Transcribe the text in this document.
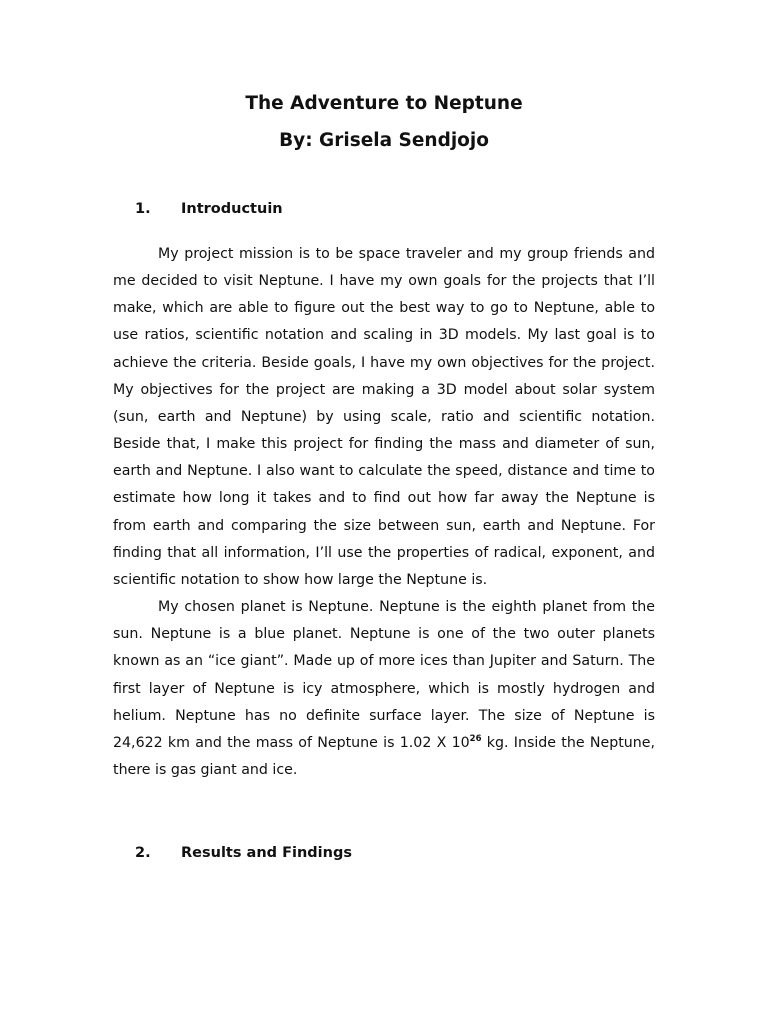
The Adventure to Neptune
By: Grisela Sendjojo
1. Introductuin

My project mission is to be space traveler and my group friends and me decided to visit Neptune. I have my own goals for the projects that I’ll make, which are able to figure out the best way to go to Neptune, able to use ratios, scientific notation and scaling in 3D models. My last goal is to achieve the criteria. Beside goals, I have my own objectives for the project. My objectives for the project are making a 3D model about solar system (sun, earth and Neptune) by using scale, ratio and scientific notation. Beside that, I make this project for finding the mass and diameter of sun, earth and Neptune. I also want to calculate the speed, distance and time to estimate how long it takes and to find out how far away the Neptune is from earth and comparing the size between sun, earth and Neptune. For finding that all information, I’ll use the properties of radical, exponent, and scientific notation to show how large the Neptune is.

My chosen planet is Neptune. Neptune is the eighth planet from the sun. Neptune is a blue planet. Neptune is one of the two outer planets known as an “ice giant”. Made up of more ices than Jupiter and Saturn. The first layer of Neptune is icy atmosphere, which is mostly hydrogen and helium. Neptune has no definite surface layer. The size of Neptune is 24,622 km and the mass of Neptune is 1.02 X $10^{26}$ kg. Inside the Neptune, there is gas giant and ice.

2. Results and Findings
